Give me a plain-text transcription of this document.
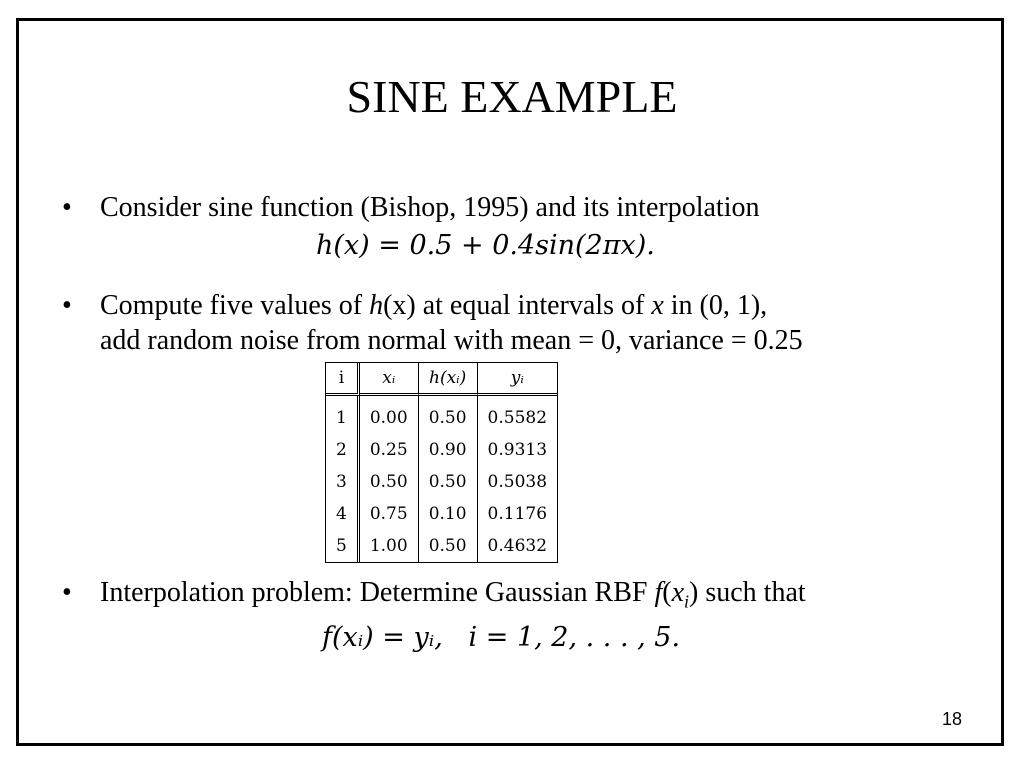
SINE EXAMPLE
• Consider sine function (Bishop, 1995) and its interpolation
h(x) = 0.5 + 0.4sin(2πx).
• Compute five values of h(x) at equal intervals of x in (0, 1),
add random noise from normal with mean = 0, variance = 0.25
i	xᵢ	h(xᵢ)	yᵢ
1	0.00	0.50	0.5582
2	0.25	0.90	0.9313
3	0.50	0.50	0.5038
4	0.75	0.10	0.1176
5	1.00	0.50	0.4632
• Interpolation problem: Determine Gaussian RBF $f(x_i)$ such that
f(xᵢ) = yᵢ,   i = 1, 2, . . . , 5.
18
